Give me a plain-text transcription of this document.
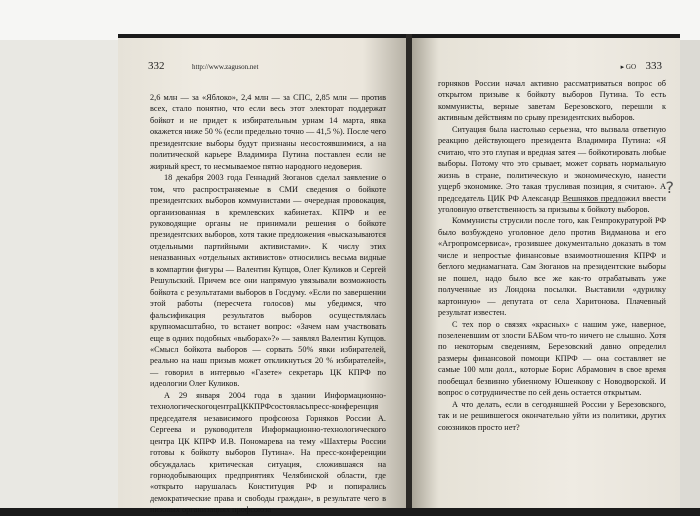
332	http://www.zaguson.net

2,6 млн — за «Яблоко», 2,4 млн — за СПС, 2,85 млн — против всех, стало понятно, что если весь этот электорат поддержат бойкот и не придет к избирательным урнам 14 марта, явка окажется ниже 50 % (если предельно точно — 41,5 %). После чего президентские выборы будут признаны несостоявшимися, а на политической карьере Владимира Путина поставлен если не жирный крест, то несмываемое пятно народного недоверия.

18 декабря 2003 года Геннадий Зюганов сделал заявление о том, что распространяемые в СМИ сведения о бойкоте президентских выборов коммунистами — очередная провокация, организованная в кремлевских кабинетах. КПРФ и ее руководящие органы не принимали решения о бойкоте президентских выборов, хотя такие предложения «высказываются отдельными партийными активистами». К числу этих неназванных «отдельных активистов» относились весьма видные в компартии фигуры — Валентин Купцов, Олег Куликов и Сергей Решульский. Причем все они напрямую увязывали возможность бойкота с результатами выборов в Госдуму. «Если по завершении этой работы (пересчета голосов) мы убедимся, что фальсификация результатов выборов осуществлялась крупномасштабно, то встанет вопрос: «Зачем нам участвовать еще в одних подобных «выборах»?» — заявлял Валентин Купцов. «Смысл бойкота выборов — сорвать 50% явки избирателей, реально на наш призыв может откликнуться 20 % избирателей», — говорил в интервью «Газете» секретарь ЦК КПРФ по идеологии Олег Куликов.

А 29 января 2004 года в здании Информационно-технологическогоцентраЦККПРФсостояласьпресс-конференция председателя независимого профсоюза Горняков России А. Сергеева и руководителя Информационно-технологического центра ЦК КПРФ И.В. Пономарева на тему «Шахтеры России готовы к бойкоту выборов Путина». На пресс-конференции обсуждалась критическая ситуация, сложившаяся на горнодобывающих предприятиях Челябинской области, где «открыто нарушалась Конституция РФ и попирались демократические права и свободы граждан», в результате чего в низовых организациях профсоюза

▸ GO 333

горняков России начал активно рассматриваться вопрос об открытом призыве к бойкоту выборов Путина. То есть коммунисты, верные заветам Березовского, перешли к активным действиям по срыву президентских выборов.

Ситуация была настолько серьезна, что вызвала ответную реакцию действующего президента Владимира Путина: «Я считаю, что это глупая и вредная затея — бойкотировать любые выборы. Потому что это срывает, может сорвать нормальную жизнь в стране, политическую и экономическую, нанести ущерб экономике. Это такая трусливая позиция, я считаю». А председатель ЦИК РФ Александр Вешняков предложил ввести уголовную ответственность за призывы к бойкоту выборов.

Коммунисты струсили после того, как Генпрокуратурой РФ было возбуждено уголовное дело против Видманова и его «Агропромсервиса», грозившее документально доказать в том числе и непростые финансовые взаимоотношения КПРФ и беглого медиамагната. Сам Зюганов на президентские выборы не пошел, надо было все же как-то отрабатывать уже полученные из Лондона посылки. Выставили «дурилку картонную» — депутата от села Харитонова. Плачевный результат известен.

С тех пор о связях «красных» с нашим уже, наверное, позеленевшим от злости БАБом что-то ничего не слышно. Хотя по некоторым сведениям, Березовский давно определил размеры финансовой помощи КПРФ — она составляет не самые 100 млн долл., которые Борис Абрамович в свое время пообещал безвинно убиенному Юшенкову с Новодворской. И вопрос о сотрудничестве по сей день остается открытым.

А что делать, если в сегодняшней России у Березовского, так и не решившегося окончательно уйти из политики, других союзников просто нет?

?
